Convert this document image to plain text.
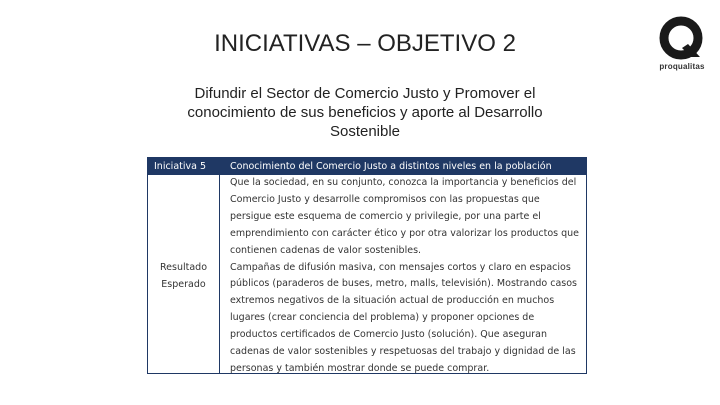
INICIATIVAS – OBJETIVO 2
proqualitas
Difundir el Sector de Comercio Justo y Promover el
conocimiento de sus beneficios y aporte al Desarrollo
Sostenible
Iniciativa 5
Resultado
Esperado
Conocimiento del Comercio Justo a distintos niveles en la población

Que la sociedad, en su conjunto, conozca la importancia y beneficios del Comercio Justo y desarrolle compromisos con las propuestas que persigue este esquema de comercio y privilegie, por una parte el emprendimiento con carácter ético y por otra valorizar los productos que contienen cadenas de valor sostenibles.

Campañas de difusión masiva, con mensajes cortos y claro en espacios públicos (paraderos de buses, metro, malls, televisión). Mostrando casos extremos negativos de la situación actual de producción en muchos lugares (crear conciencia del problema) y proponer opciones de productos certificados de Comercio Justo (solución). Que aseguran cadenas de valor sostenibles y respetuosas del trabajo y dignidad de las personas y también mostrar donde se puede comprar.
